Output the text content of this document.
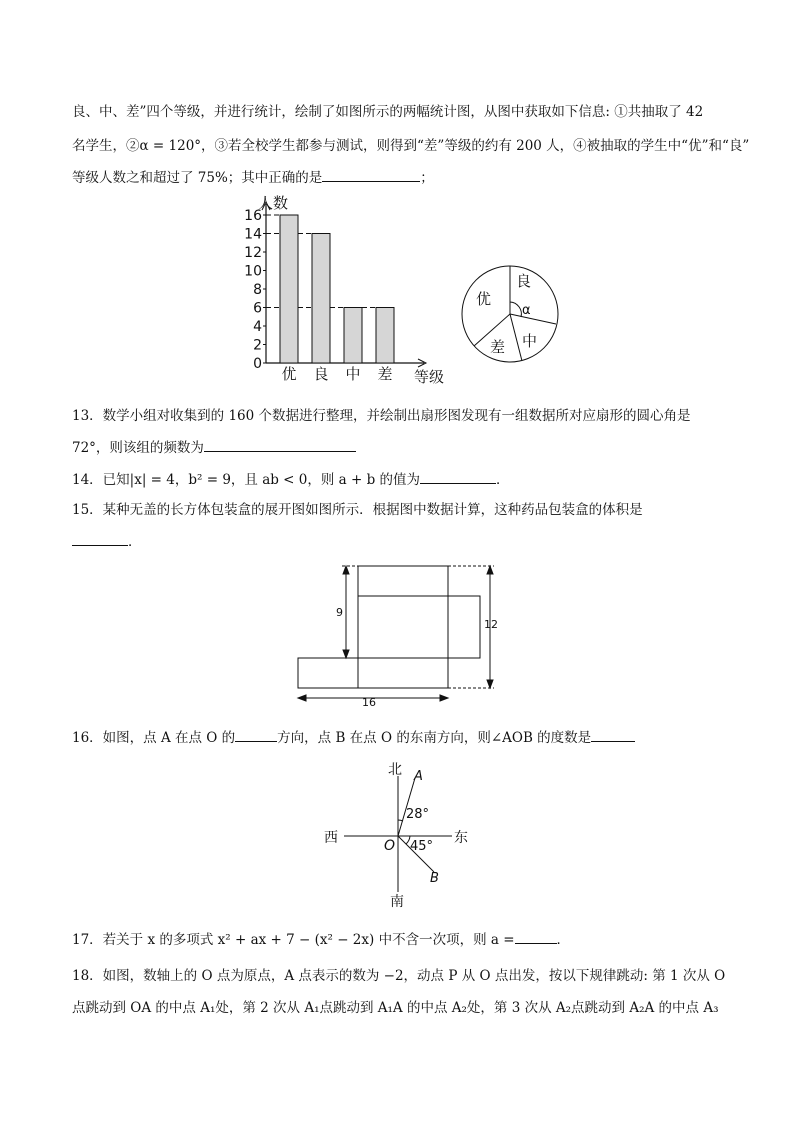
良、中、差”四个等级，并进行统计，绘制了如图所示的两幅统计图，从图中获取如下信息: ①共抽取了 42
名学生，②α = 120°，③若全校学生都参与测试，则得到“差”等级的约有 200 人，④被抽取的学生中“优”和“良”
等级人数之和超过了 75%；其中正确的是	；
人数
16
14
12
10
8
6
4
2
0
优 良 中 差 等级
优
良
α
差 中
13．数学小组对收集到的 160 个数据进行整理，并绘制出扇形图发现有一组数据所对应扇形的圆心角是
72°，则该组的频数为
14．已知|x| = 4，b² = 9，且 ab < 0，则 a + b 的值为	．
15．某种无盖的长方体包装盒的展开图如图所示．根据图中数据计算，这种药品包装盒的体积是
．
9
12
16
16．如图，点 A 在点 O 的	方向，点 B 在点 O 的东南方向，则∠AOB 的度数是
北
南
西	东
O
A
B
28°
45°
17．若关于 x 的多项式 x² + ax + 7 − (x² − 2x) 中不含一次项，则 a =	．
18．如图，数轴上的 O 点为原点，A 点表示的数为 −2，动点 P 从 O 点出发，按以下规律跳动: 第 1 次从 O
点跳动到 OA 的中点 A₁处，第 2 次从 A₁点跳动到 A₁A 的中点 A₂处，第 3 次从 A₂点跳动到 A₂A 的中点 A₃
